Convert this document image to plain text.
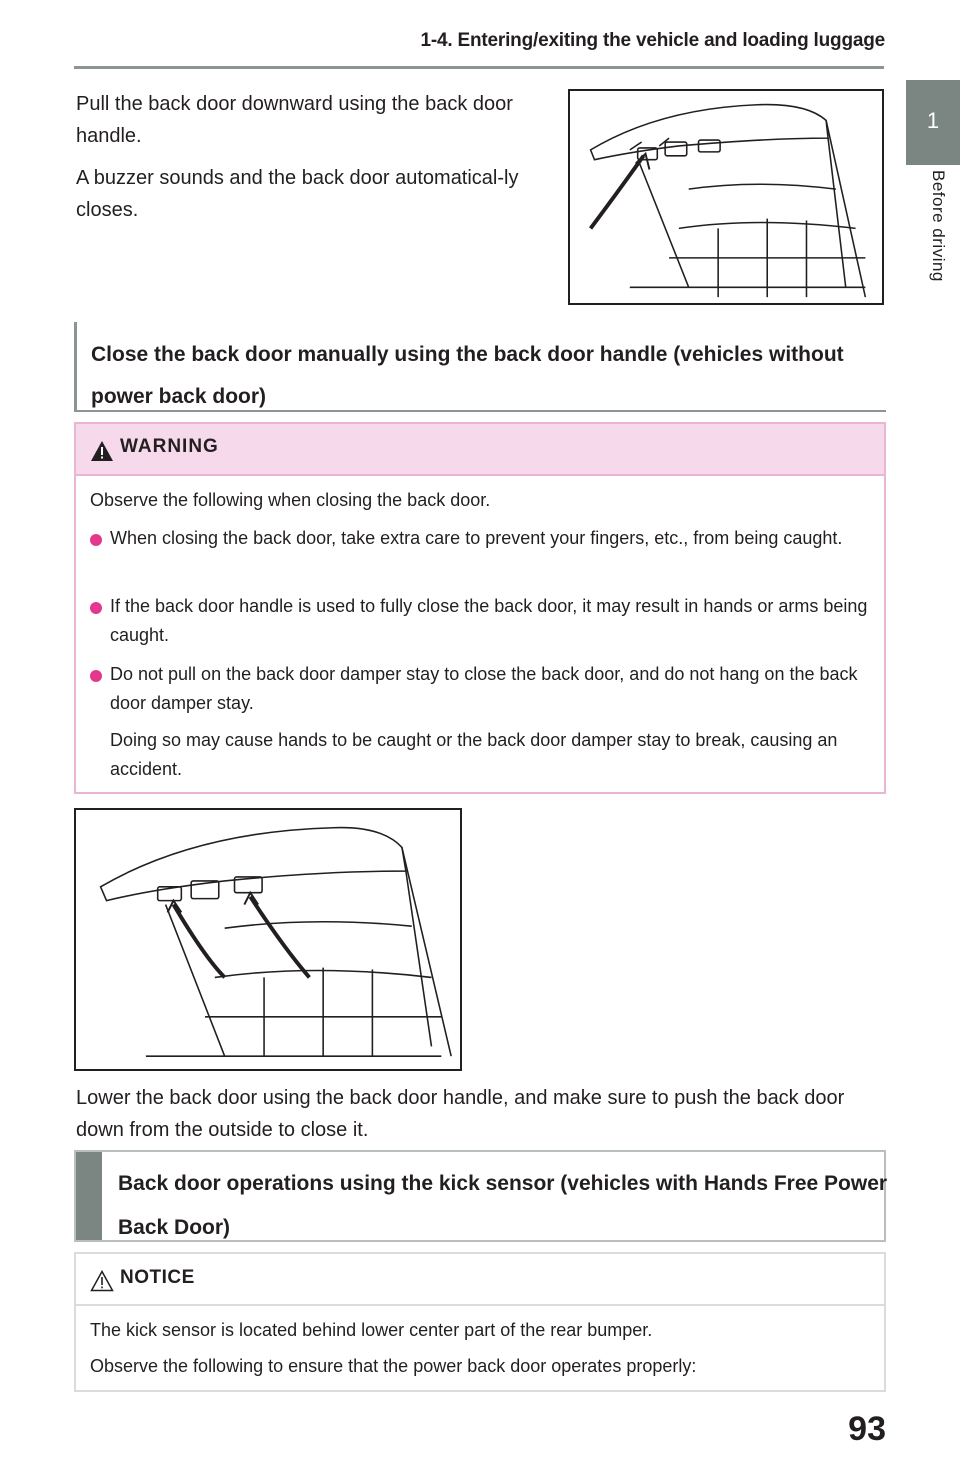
1-4. Entering/exiting the vehicle and loading luggage
1
Before driving

Pull the back door downward using the back door handle.

A buzzer sounds and the back door automatical-ly closes.

Close the back door manually using the back door handle (vehicles without power back door)
WARNING
Observe the following when closing the back door.
When closing the back door, take extra care to prevent your fingers, etc., from being caught.
If the back door handle is used to fully close the back door, it may result in hands or arms being caught.
Do not pull on the back door damper stay to close the back door, and do not hang on the back door damper stay.
Doing so may cause hands to be caught or the back door damper stay to break, causing an accident.

Lower the back door using the back door handle, and make sure to push the back door down from the outside to close it.

Back door operations using the kick sensor (vehicles with Hands Free Power Back Door)
NOTICE
The kick sensor is located behind lower center part of the rear bumper.
Observe the following to ensure that the power back door operates properly:
93
